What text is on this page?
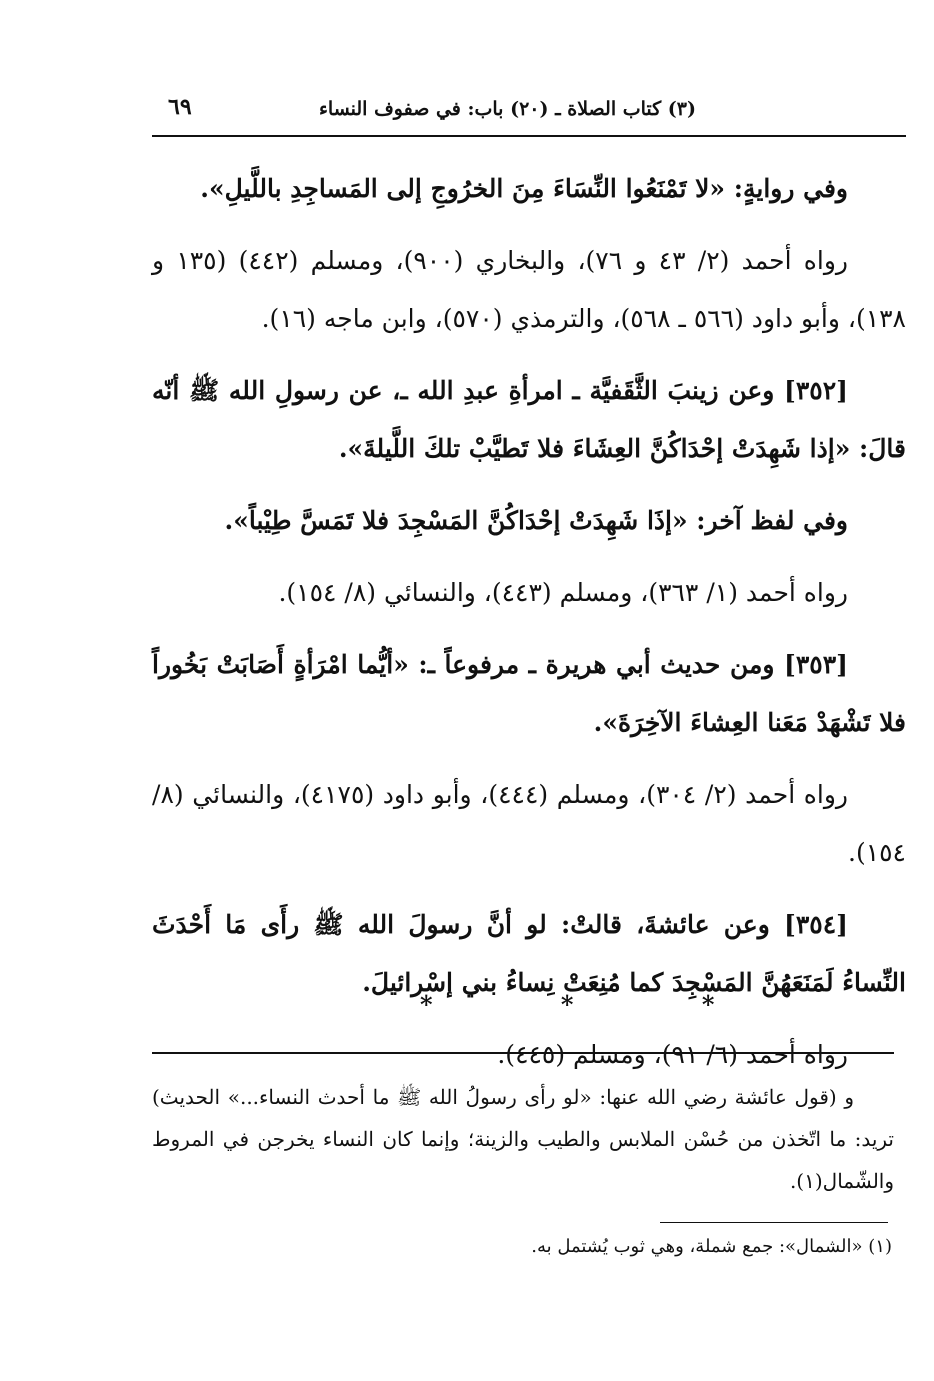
(٣) كتاب الصلاة ـ (٢٠) باب: في صفوف النساء
٦٩

وفي روايةٍ: «لا تَمْنَعُوا النِّسَاءَ مِنَ الخرُوجِ إلى المَساجِدِ باللَّيلِ».

رواه أحمد (٢/ ٤٣ و ٧٦)، والبخاري (٩٠٠)، ومسلم (٤٤٢) (١٣٥ و ١٣٨)، وأبو داود (٥٦٦ ـ ٥٦٨)، والترمذي (٥٧٠)، وابن ماجه (١٦).

[٣٥٢] وعن زينبَ الثَّقَفيَّة ـ امرأةِ عبدِ الله ـ، عن رسولِ الله ﷺ أنّه قالَ: «إذا شَهِدَتْ إحْدَاكُنَّ العِشَاءَ فلا تَطيَّبْ تلكَ اللَّيلةَ».

وفي لفظ آخر: «إذَا شَهِدَتْ إحْدَاكُنَّ المَسْجِدَ فلا تَمَسَّ طِيْباً».

رواه أحمد (١/ ٣٦٣)، ومسلم (٤٤٣)، والنسائي (٨/ ١٥٤).

[٣٥٣] ومن حديث أبي هريرة ـ مرفوعاً ـ: «أيُّما امْرَأةٍ أَصَابَتْ بَخُوراً فلا تَشْهَدْ مَعَنا العِشاءَ الآخِرَةَ».

رواه أحمد (٢/ ٣٠٤)، ومسلم (٤٤٤)، وأبو داود (٤١٧٥)، والنسائي (٨/ ١٥٤).

[٣٥٤] وعن عائشةَ، قالتْ: لو أنَّ رسولَ الله ﷺ رأَى مَا أَحْدَثَ النِّساءُ لَمَنَعَهُنَّ المَسْجِدَ كما مُنِعَتْ نِساءُ بني إسْرائيلَ.

رواه أحمد (٦/ ٩١)، ومسلم (٤٤٥).

* * *

و (قول عائشة رضي الله عنها: «لو رأى رسولُ الله ﷺ ما أحدث النساء...» الحديث) تريد: ما اتّخذن من حُسْن الملابس والطيب والزينة؛ وإنما كان النساء يخرجن في المروط والشّمال(١).

(١) «الشمال»: جمع شملة، وهي ثوب يُشتمل به.
